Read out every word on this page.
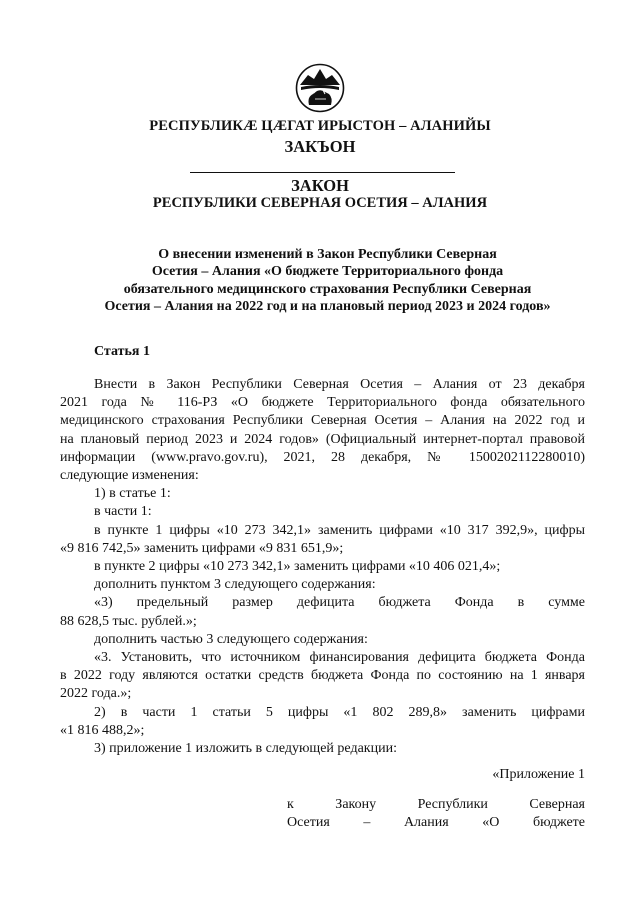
РЕСПУБЛИКÆ ЦÆГАТ ИРЫСТОН – АЛАНИЙЫ
ЗАКЪОН
ЗАКОН
РЕСПУБЛИКИ СЕВЕРНАЯ ОСЕТИЯ – АЛАНИЯ
О внесении изменений в Закон Республики Северная
Осетия – Алания «О бюджете Территориального фонда
обязательного медицинского страхования Республики Северная
Осетия – Алания на 2022 год и на плановый период 2023 и 2024 годов»
Статья 1

Внести в Закон Республики Северная Осетия – Алания от 23 декабря

2021 года № 116-РЗ «О бюджете Территориального фонда обязательного

медицинского страхования Республики Северная Осетия – Алания на 2022 год и

на плановый период 2023 и 2024 годов» (Официальный интернет-портал правовой

информации (www.pravo.gov.ru), 2021, 28 декабря, № 1500202112280010)

следующие изменения:

1) в статье 1:

в части 1:

в пункте 1 цифры «10 273 342,1» заменить цифрами «10 317 392,9», цифры

«9 816 742,5» заменить цифрами «9 831 651,9»;

в пункте 2 цифры «10 273 342,1» заменить цифрами «10 406 021,4»;

дополнить пунктом 3 следующего содержания:

«3) предельный размер дефицита бюджета Фонда в сумме

88 628,5 тыс. рублей.»;

дополнить частью 3 следующего содержания:

«3. Установить, что источником финансирования дефицита бюджета Фонда

в 2022 году являются остатки средств бюджета Фонда по состоянию на 1 января

2022 года.»;

2) в части 1 статьи 5 цифры «1 802 289,8» заменить цифрами

«1 816 488,2»;

3) приложение 1 изложить в следующей редакции:

«Приложение 1

к Закону Республики Северная

Осетия – Алания «О бюджете
